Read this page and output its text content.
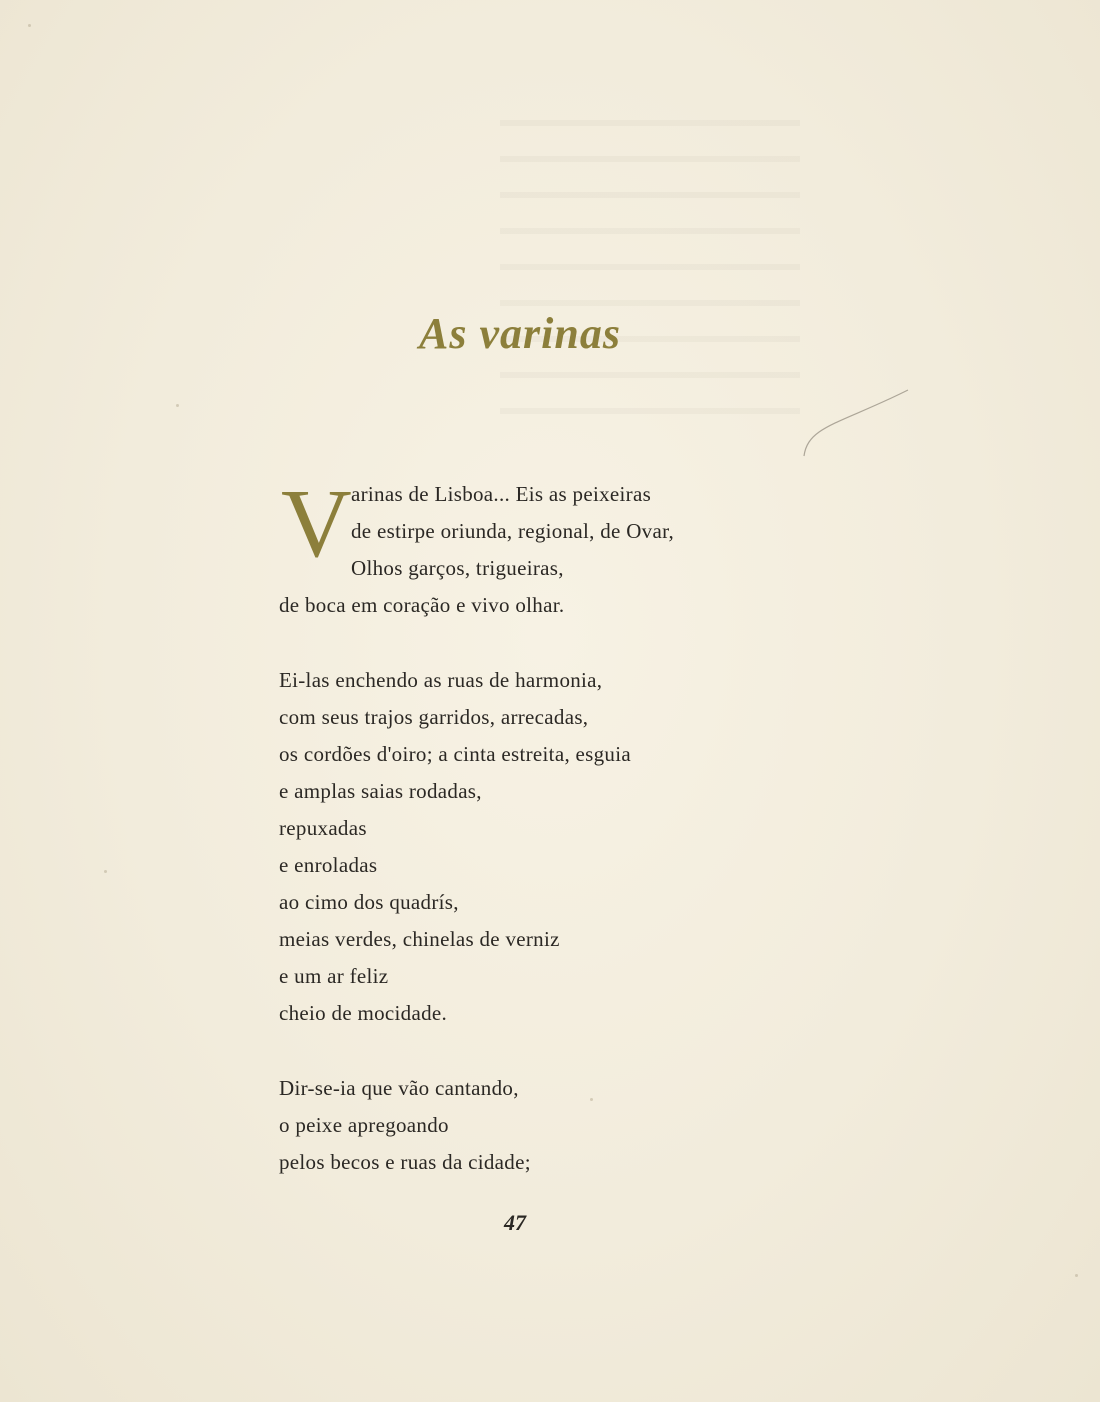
As varinas
V arinas de Lisboa... Eis as peixeiras
de estirpe oriunda, regional, de Ovar,
Olhos garços, trigueiras,
de boca em coração e vivo olhar.
Ei-las enchendo as ruas de harmonia,
com seus trajos garridos, arrecadas,
os cordões d'oiro; a cinta estreita, esguia
e amplas saias rodadas,
repuxadas
e enroladas
ao cimo dos quadrís,
meias verdes, chinelas de verniz
e um ar feliz
cheio de mocidade.
Dir-se-ia que vão cantando,
o peixe apregoando
pelos becos e ruas da cidade;
47
